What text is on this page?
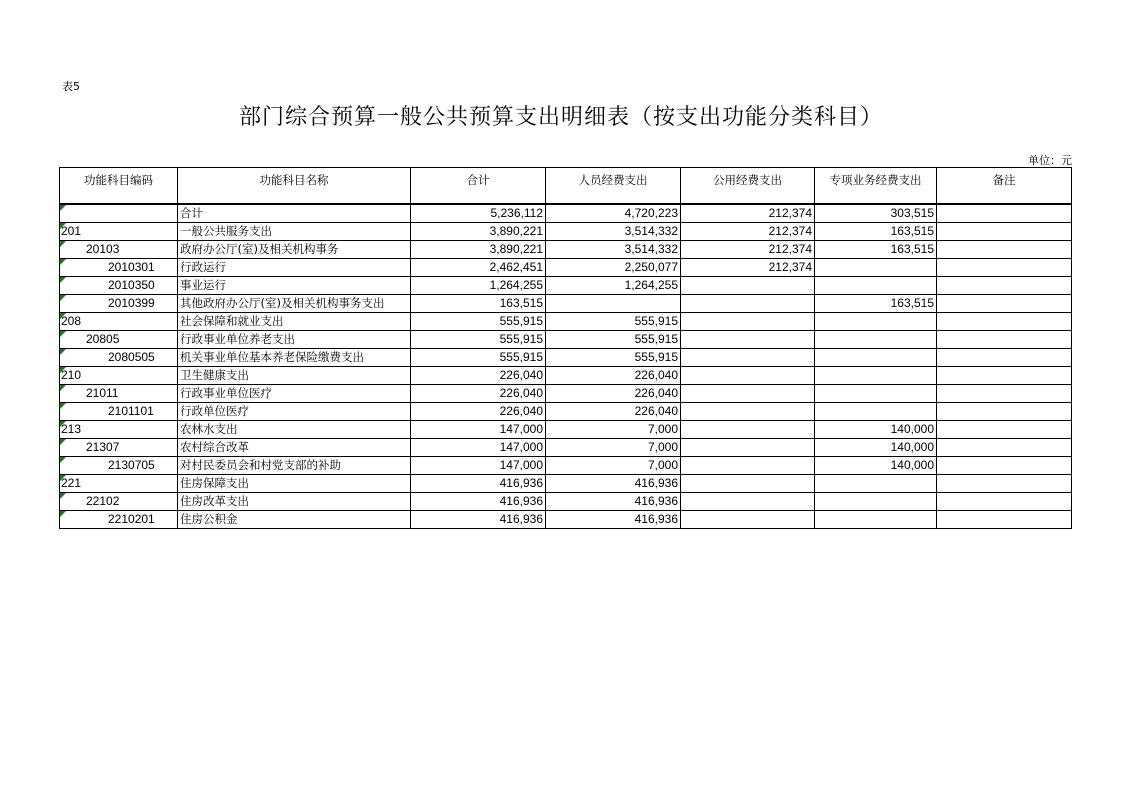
表5
部门综合预算一般公共预算支出明细表（按支出功能分类科目）
单位：元
功能科目编码	功能科目名称	合计	人员经费支出	公用经费支出	专项业务经费支出	备注
	合计	5,236,112	4,720,223	212,374	303,515	
201	一般公共服务支出	3,890,221	3,514,332	212,374	163,515	
20103	政府办公厅(室)及相关机构事务	3,890,221	3,514,332	212,374	163,515	
2010301	行政运行	2,462,451	2,250,077	212,374		
2010350	事业运行	1,264,255	1,264,255			
2010399	其他政府办公厅(室)及相关机构事务支出	163,515			163,515	
208	社会保障和就业支出	555,915	555,915			
20805	行政事业单位养老支出	555,915	555,915			
2080505	机关事业单位基本养老保险缴费支出	555,915	555,915			
210	卫生健康支出	226,040	226,040			
21011	行政事业单位医疗	226,040	226,040			
2101101	行政单位医疗	226,040	226,040			
213	农林水支出	147,000	7,000		140,000	
21307	农村综合改革	147,000	7,000		140,000	
2130705	对村民委员会和村党支部的补助	147,000	7,000		140,000	
221	住房保障支出	416,936	416,936			
22102	住房改革支出	416,936	416,936			
2210201	住房公积金	416,936	416,936			
